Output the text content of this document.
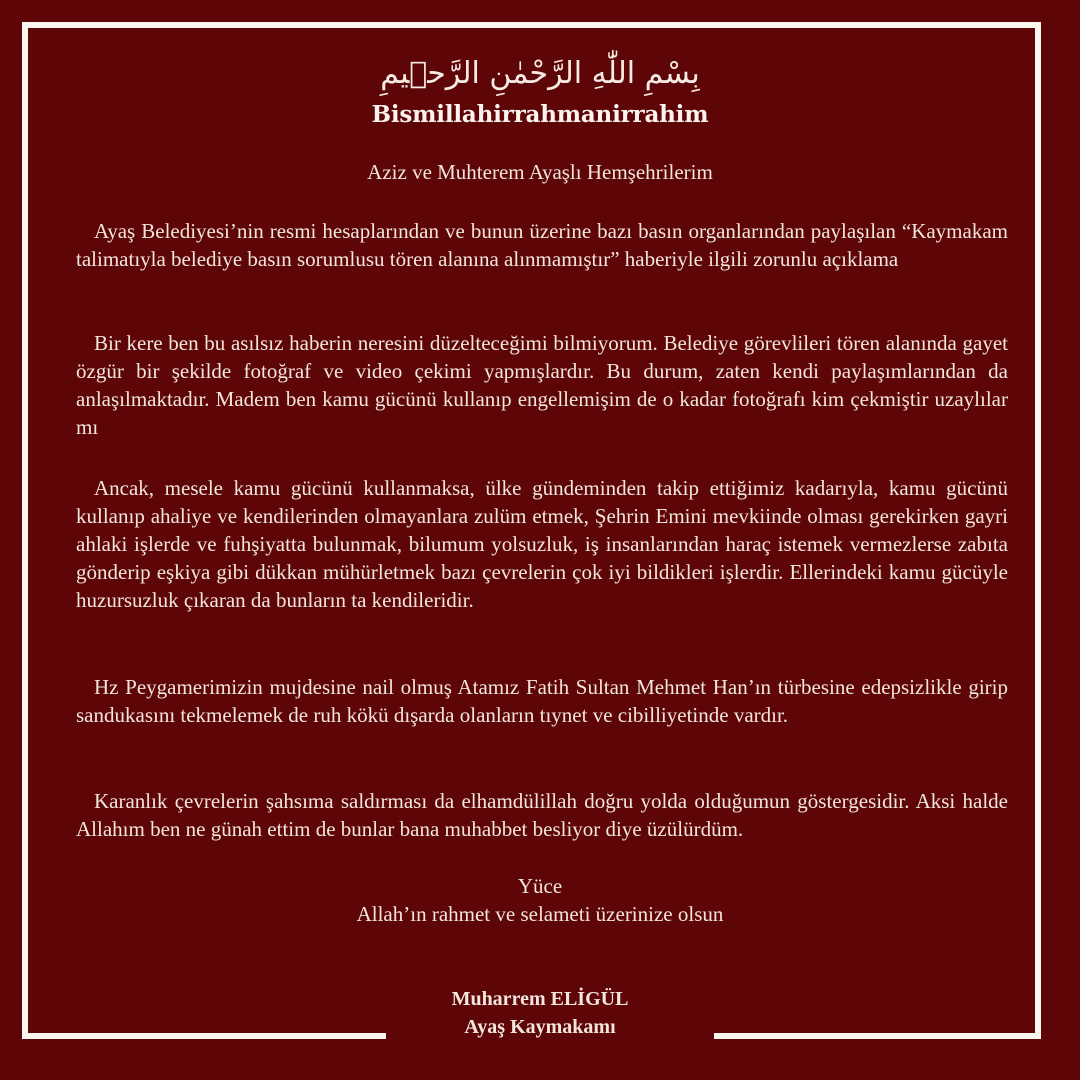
بِسْمِ اللّٰهِ الرَّحْمٰنِ الرَّح۪يمِ
Bismillahirrahmanirrahim
Aziz ve Muhterem Ayaşlı Hemşehrilerim

Ayaş Belediyesi’nin resmi hesaplarından ve bunun üzerine bazı basın organlarından paylaşılan “Kaymakam talimatıyla belediye basın sorumlusu tören alanına alınmamıştır” haberiyle ilgili zorunlu açıklama

Bir kere ben bu asılsız haberin neresini düzelteceğimi bilmiyorum. Belediye görevlileri tören alanında gayet özgür bir şekilde fotoğraf ve video çekimi yapmışlardır. Bu durum, zaten kendi paylaşımlarından da anlaşılmaktadır. Madem ben kamu gücünü kullanıp engellemişim de o kadar fotoğrafı kim çekmiştir uzaylılar mı

Ancak, mesele kamu gücünü kullanmaksa, ülke gündeminden takip ettiğimiz kadarıyla, kamu gücünü kullanıp ahaliye ve kendilerinden olmayanlara zulüm etmek, Şehrin Emini mevkiinde olması gerekirken gayri ahlaki işlerde ve fuhşiyatta bulunmak, bilumum yolsuzluk, iş insanlarından haraç istemek vermezlerse zabıta gönderip eşkiya gibi dükkan mühürletmek bazı çevrelerin çok iyi bildikleri işlerdir. Ellerindeki kamu gücüyle huzursuzluk çıkaran da bunların ta kendileridir.

Hz Peygamerimizin mujdesine nail olmuş Atamız Fatih Sultan Mehmet Han’ın türbesine edepsizlikle girip sandukasını tekmelemek de ruh kökü dışarda olanların tıynet ve cibilliyetinde vardır.

Karanlık çevrelerin şahsıma saldırması da elhamdülillah doğru yolda olduğumun göstergesidir. Aksi halde Allahım ben ne günah ettim de bunlar bana muhabbet besliyor diye üzülürdüm.

Yüce
Allah’ın rahmet ve selameti üzerinize olsun
Muharrem ELİGÜL
Ayaş Kaymakamı
